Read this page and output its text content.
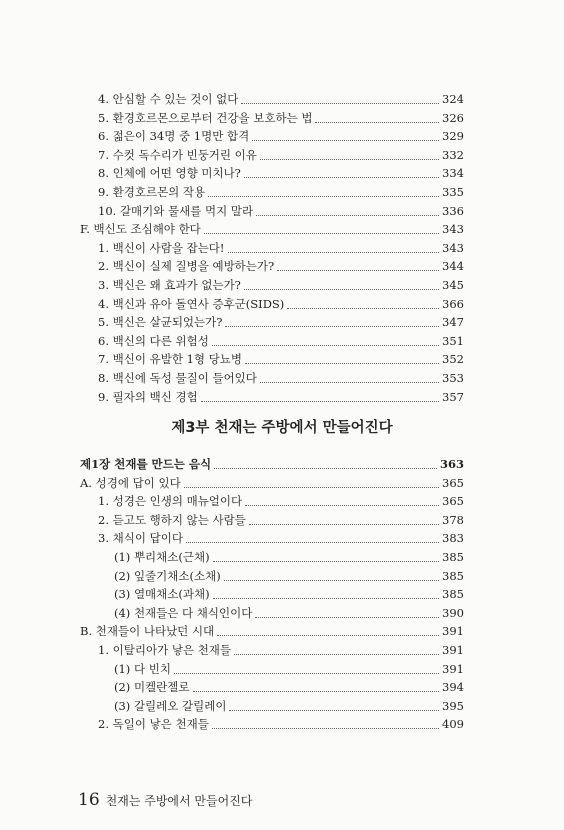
4. 안심할 수 있는 것이 없다	324
5. 환경호르몬으로부터 건강을 보호하는 법	326
6. 젊은이 34명 중 1명만 합격	329
7. 수컷 독수리가 빈둥거린 이유	332
8. 인체에 어떤 영향 미치나?	334
9. 환경호르몬의 작용	335
10. 갈매기와 물새를 먹지 말라	336
F. 백신도 조심해야 한다	343
1. 백신이 사람을 잡는다!	343
2. 백신이 실제 질병을 예방하는가?	344
3. 백신은 왜 효과가 없는가?	345
4. 백신과 유아 돌연사 증후군(SIDS)	366
5. 백신은 살균되었는가?	347
6. 백신의 다른 위험성	351
7. 백신이 유발한 1형 당뇨병	352
8. 백신에 독성 물질이 들어있다	353
9. 필자의 백신 경험	357
제3부 천재는 주방에서 만들어진다
제1장 천재를 만드는 음식	363
A. 성경에 답이 있다	365
1. 성경은 인생의 매뉴얼이다	365
2. 듣고도 행하지 않는 사람들	378
3. 채식이 답이다	383
(1) 뿌리채소(근채)	385
(2) 잎줄기채소(소채)	385
(3) 열매채소(과채)	385
(4) 천재들은 다 채식인이다	390
B. 천재들이 나타났던 시대	391
1. 이탈리아가 낳은 천재들	391
(1) 다 빈치	391
(2) 미켈란젤로	394
(3) 갈릴레오 갈릴레이	395
2. 독일이 낳은 천재들	409
16 천재는 주방에서 만들어진다
